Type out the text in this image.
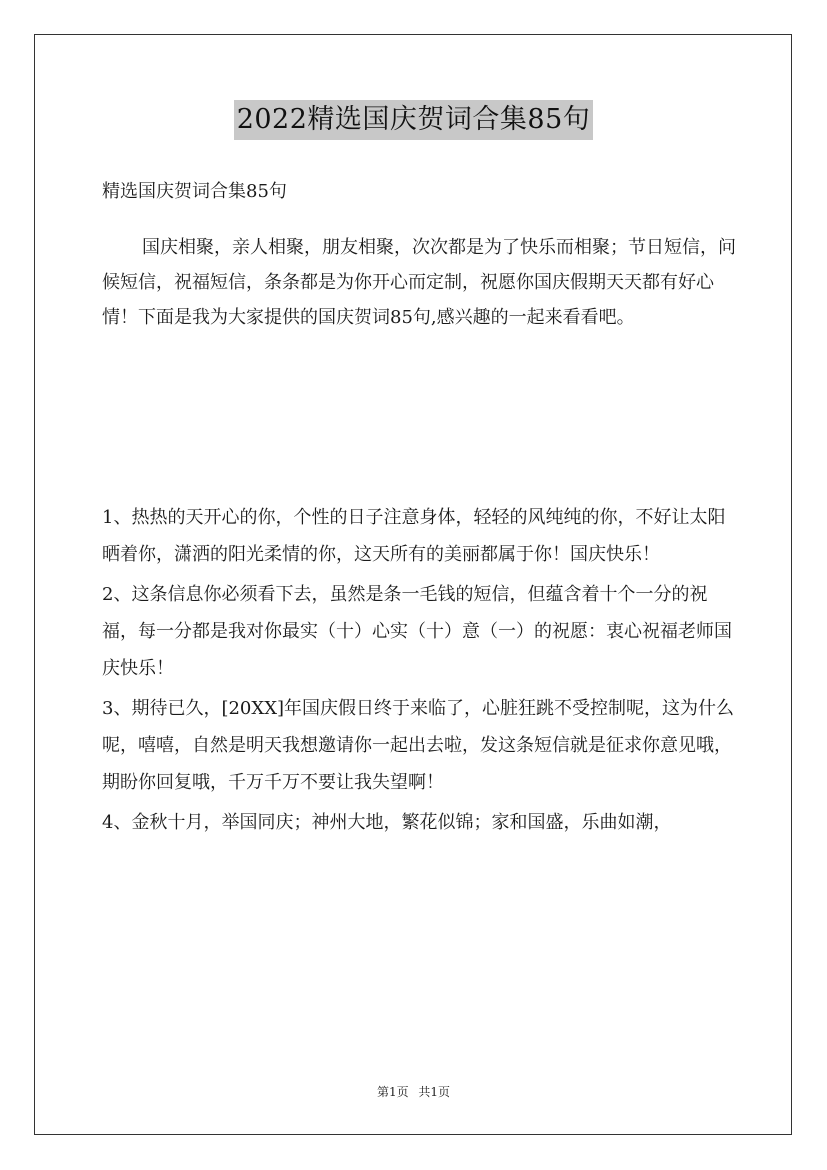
2022精选国庆贺词合集85句
精选国庆贺词合集85句
国庆相聚，亲人相聚，朋友相聚，次次都是为了快乐而相聚；节日短信，问候短信，祝福短信，条条都是为你开心而定制，祝愿你国庆假期天天都有好心情！下面是我为大家提供的国庆贺词85句,感兴趣的一起来看看吧。
1、热热的天开心的你，个性的日子注意身体，轻轻的风纯纯的你，不好让太阳晒着你，潇洒的阳光柔情的你，这天所有的美丽都属于你！国庆快乐！
2、这条信息你必须看下去，虽然是条一毛钱的短信，但蕴含着十个一分的祝福，每一分都是我对你最实（十）心实（十）意（一）的祝愿：衷心祝福老师国庆快乐！
3、期待已久，[20XX]年国庆假日终于来临了，心脏狂跳不受控制呢，这为什么呢，嘻嘻，自然是明天我想邀请你一起出去啦，发这条短信就是征求你意见哦，期盼你回复哦，千万千万不要让我失望啊！
4、金秋十月，举国同庆；神州大地，繁花似锦；家和国盛，乐曲如潮，
第1页 共1页
